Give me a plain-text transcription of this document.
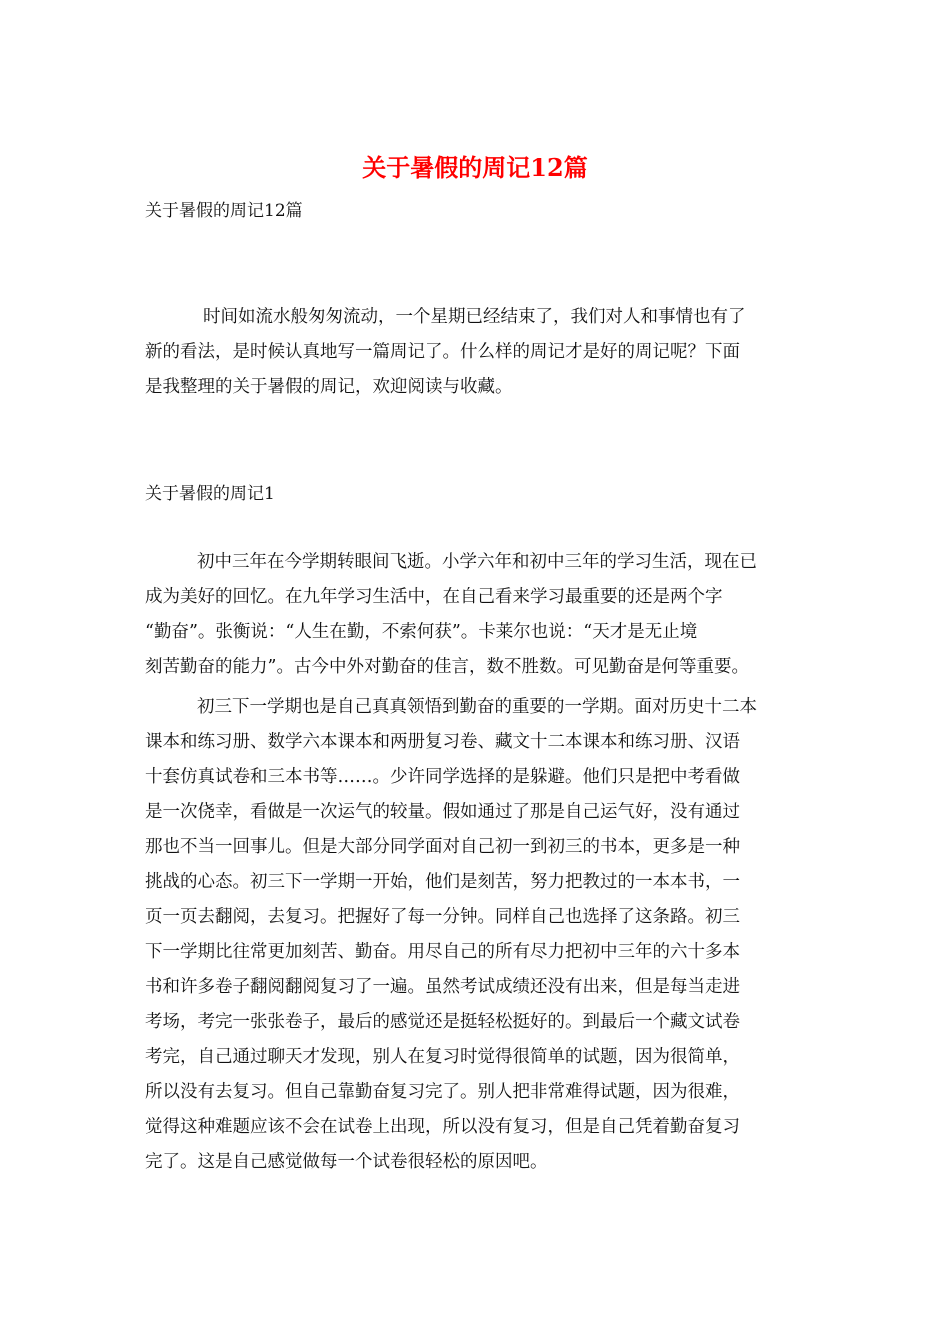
关于暑假的周记12篇

关于暑假的周记12篇

时间如流水般匆匆流动，一个星期已经结束了，我们对人和事情也有了
新的看法，是时候认真地写一篇周记了。什么样的周记才是好的周记呢？下面
是我整理的关于暑假的周记，欢迎阅读与收藏。

关于暑假的周记1

初中三年在今学期转眼间飞逝。小学六年和初中三年的学习生活，现在已
成为美好的回忆。在九年学习生活中，在自己看来学习最重要的还是两个字
“勤奋”。张衡说：“人生在勤，不索何获”。卡莱尔也说：“天才是无止境
刻苦勤奋的能力”。古今中外对勤奋的佳言，数不胜数。可见勤奋是何等重要。
初三下一学期也是自己真真领悟到勤奋的重要的一学期。面对历史十二本
课本和练习册、数学六本课本和两册复习卷、藏文十二本课本和练习册、汉语
十套仿真试卷和三本书等……。少许同学选择的是躲避。他们只是把中考看做
是一次侥幸，看做是一次运气的较量。假如通过了那是自己运气好，没有通过
那也不当一回事儿。但是大部分同学面对自己初一到初三的书本，更多是一种
挑战的心态。初三下一学期一开始，他们是刻苦，努力把教过的一本本书，一
页一页去翻阅，去复习。把握好了每一分钟。同样自己也选择了这条路。初三
下一学期比往常更加刻苦、勤奋。用尽自己的所有尽力把初中三年的六十多本
书和许多卷子翻阅翻阅复习了一遍。虽然考试成绩还没有出来，但是每当走进
考场，考完一张张卷子，最后的感觉还是挺轻松挺好的。到最后一个藏文试卷
考完，自己通过聊天才发现，别人在复习时觉得很简单的试题，因为很简单，
所以没有去复习。但自己靠勤奋复习完了。别人把非常难得试题，因为很难，
觉得这种难题应该不会在试卷上出现，所以没有复习，但是自己凭着勤奋复习
完了。这是自己感觉做每一个试卷很轻松的原因吧。
